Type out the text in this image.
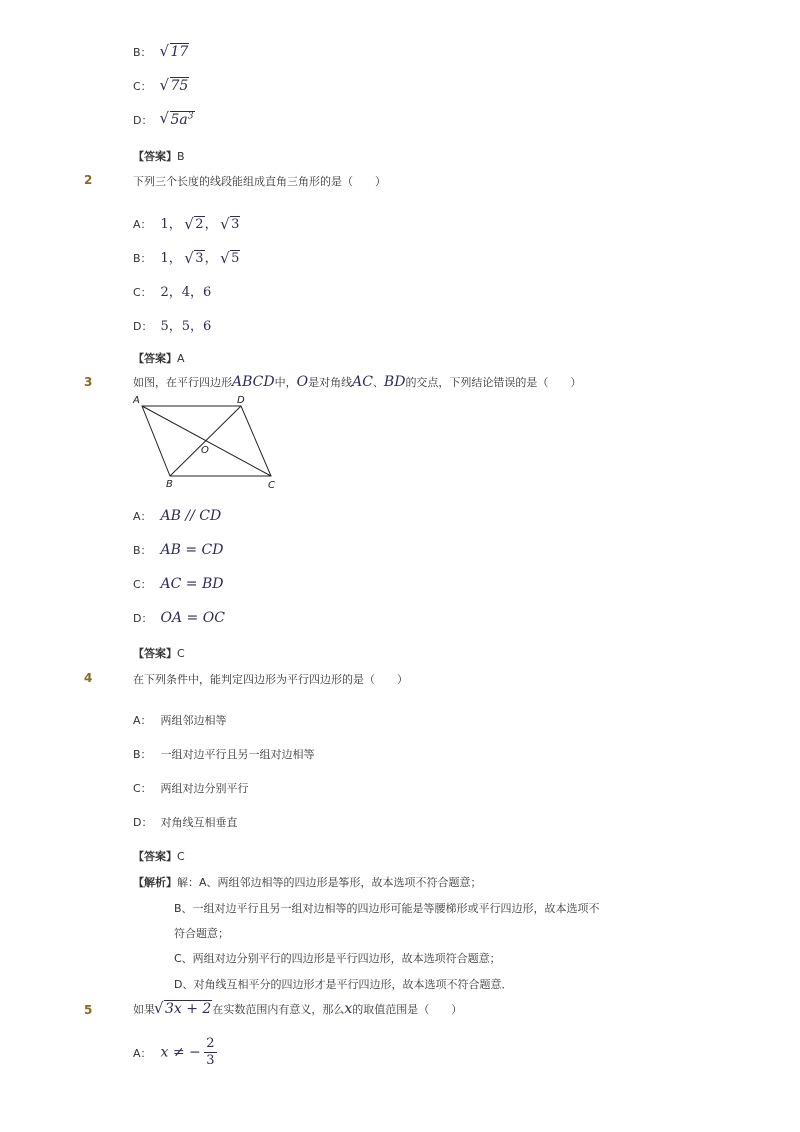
B： √ 17
C： √ 75
D： √ $5a^3$
【答案】B
2	下列三个长度的线段能组成直角三角形的是（　　）
A： 1， √ 2， √ 3
B： 1， √ 3， √ 5
C： 2，4，6
D： 5，5，6
【答案】A
3	如图，在平行四边形ABCD中，O是对角线AC、BD的交点，下列结论错误的是（　　）
A	D
B	C
O
A： AB // CD
B： AB = CD
C： AC = BD
D： OA = OC
【答案】C
4	在下列条件中，能判定四边形为平行四边形的是（　　）
A： 两组邻边相等
B： 一组对边平行且另一组对边相等
C： 两组对边分别平行
D： 对角线互相垂直
【答案】C
【解析】解：A、两组邻边相等的四边形是筝形，故本选项不符合题意；
B、一组对边平行且另一组对边相等的四边形可能是等腰梯形或平行四边形，故本选项不
符合题意；
C、两组对边分别平行的四边形是平行四边形，故本选项符合题意；
D、对角线互相平分的四边形才是平行四边形，故本选项不符合题意．
5	如果 √ 3x + 2在实数范围内有意义，那么x的取值范围是（　　）
A： x ≠ − $\frac{2}{3}$
